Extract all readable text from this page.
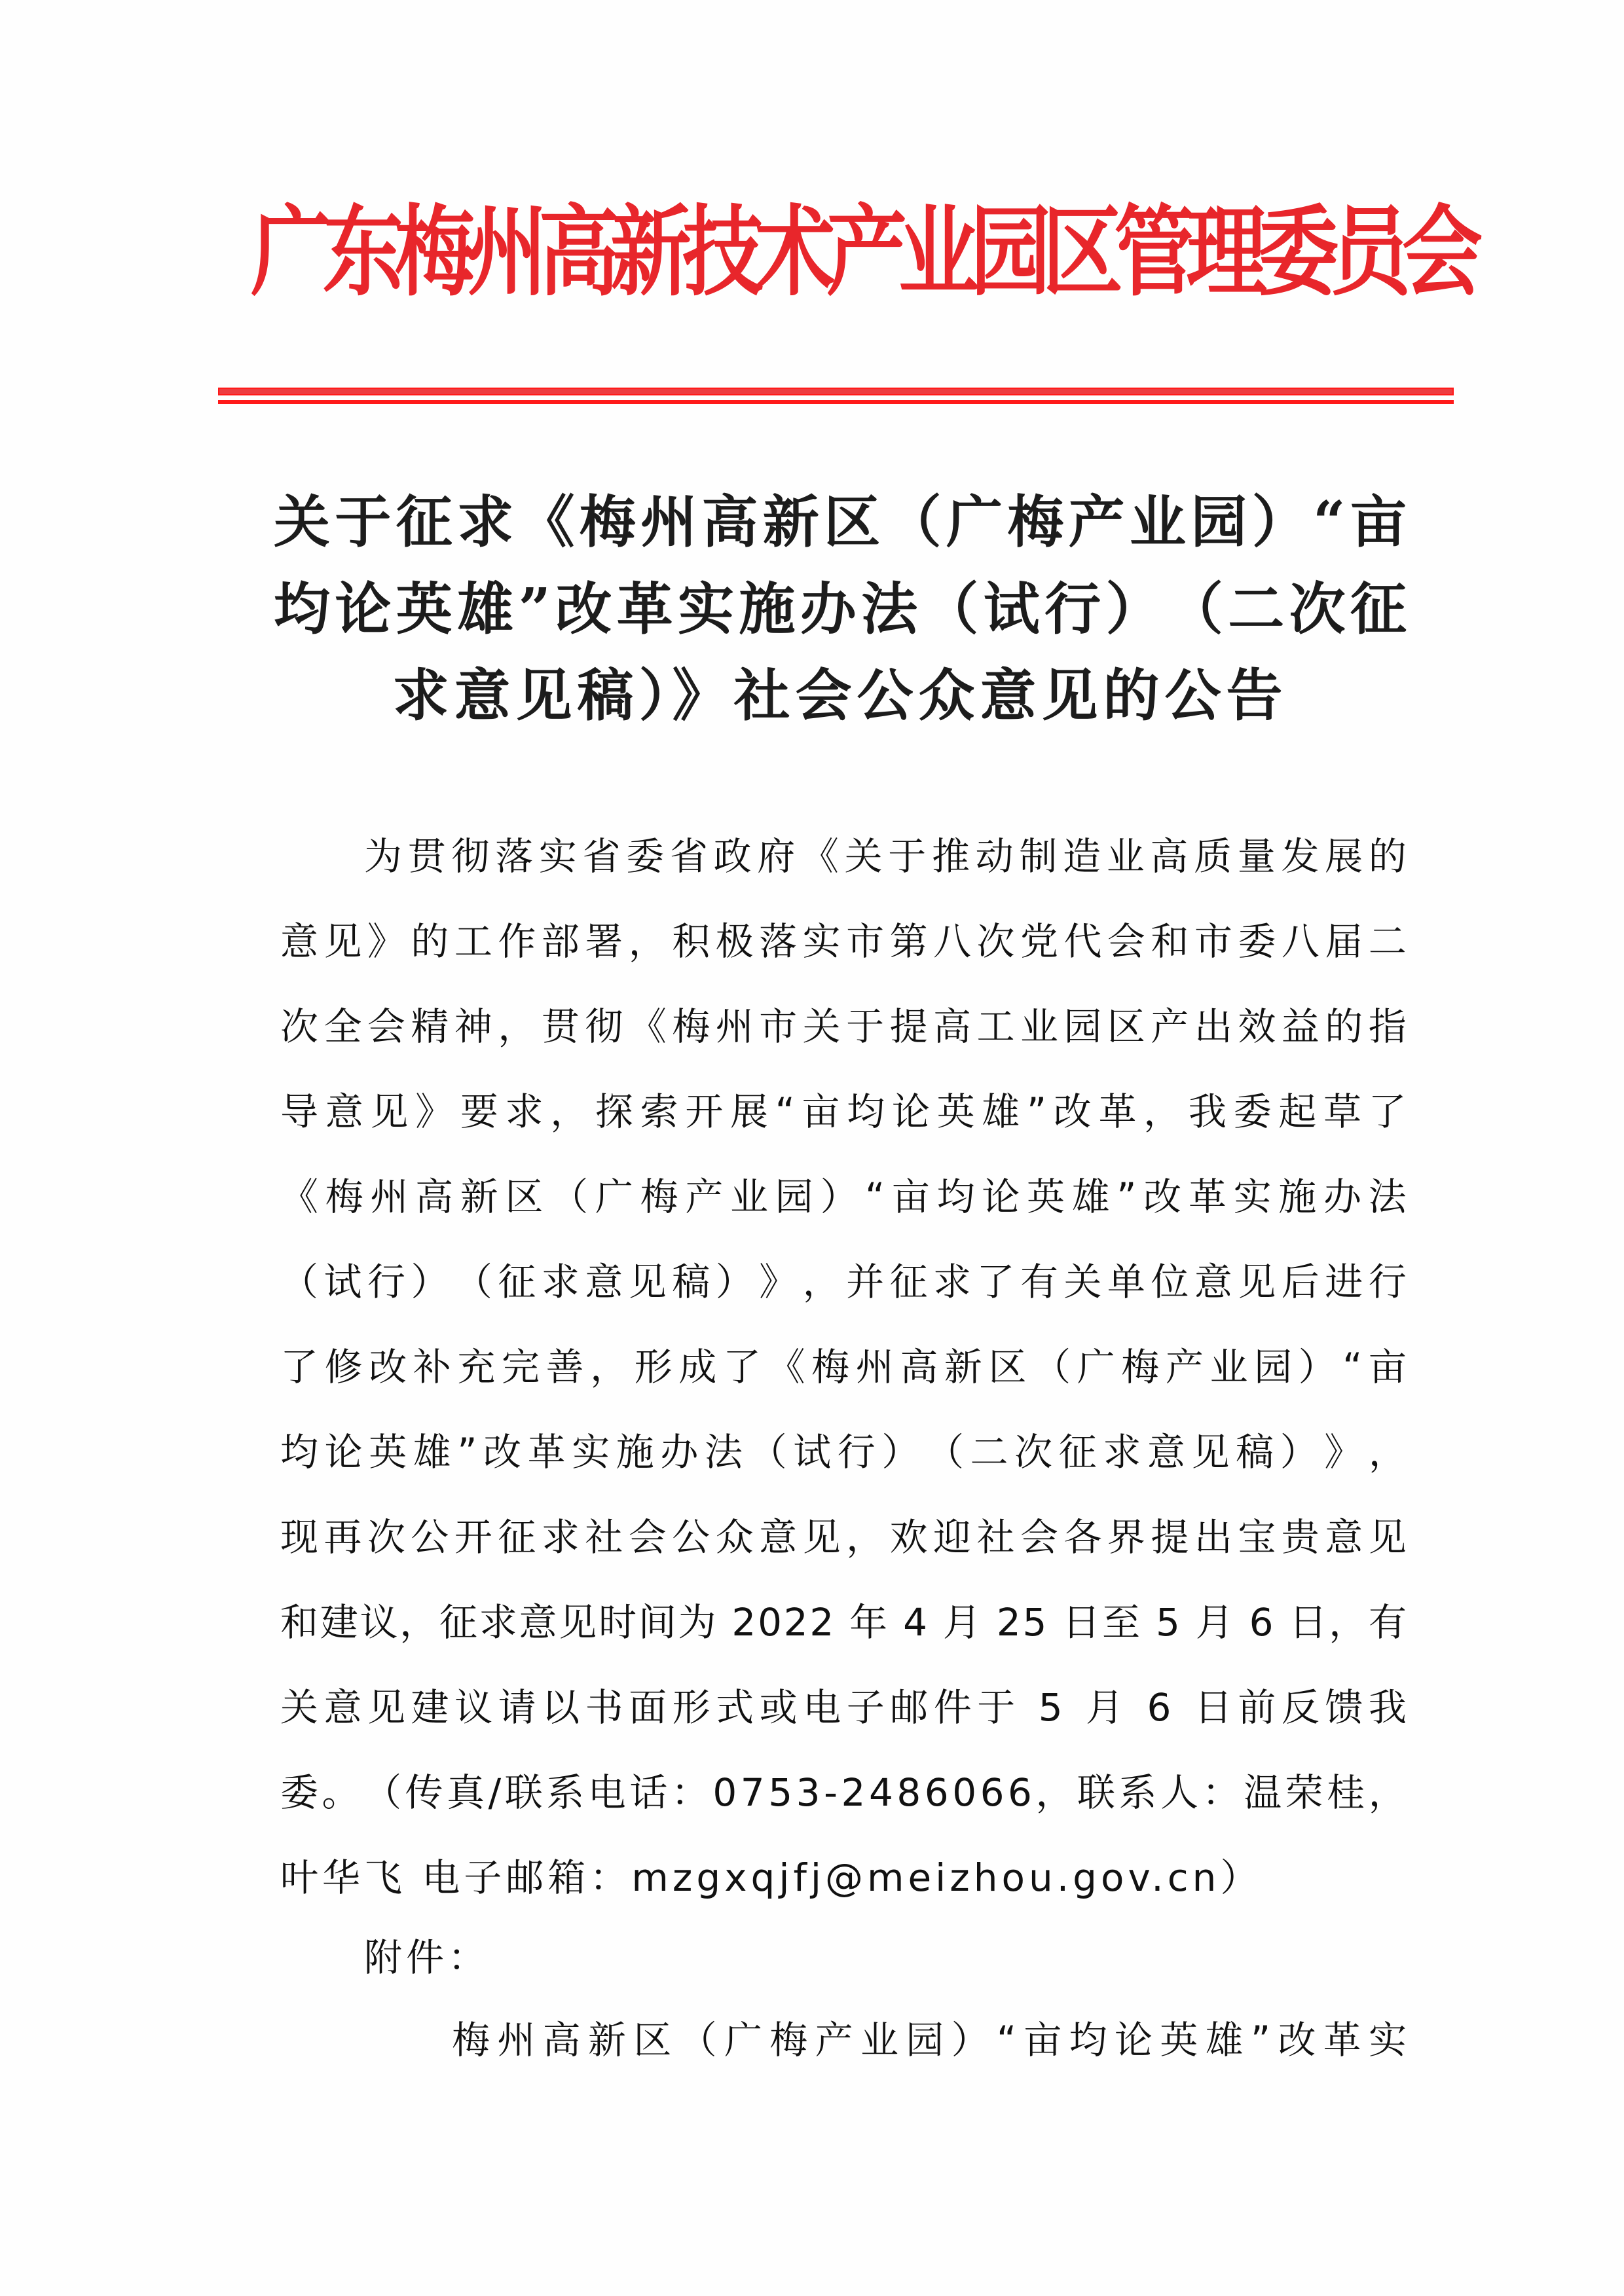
广东梅州高新技术产业园区管理委员会
关 于 征 求 《 梅 州 高 新 区 （ 广 梅 产 业 园 ） “ 亩
均 论 英 雄 ” 改 革 实 施 办 法 （ 试 行 ） （ 二 次 征
求意见稿）》社会公众意见的公告
为 贯 彻 落 实 省 委 省 政 府 《 关 于 推 动 制 造 业 高 质 量 发 展 的
意 见 》 的 工 作 部 署 ， 积 极 落 实 市 第 八 次 党 代 会 和 市 委 八 届 二
次 全 会 精 神 ， 贯 彻 《 梅 州 市 关 于 提 高 工 业 园 区 产 出 效 益 的 指
导 意 见 》 要 求 ， 探 索 开 展 “ 亩 均 论 英 雄 ” 改 革 ， 我 委 起 草 了
《 梅 州 高 新 区 （ 广 梅 产 业 园 ） “ 亩 均 论 英 雄 ” 改 革 实 施 办 法
（ 试 行 ） （ 征 求 意 见 稿 ） 》 ， 并 征 求 了 有 关 单 位 意 见 后 进 行
了 修 改 补 充 完 善 ， 形 成 了 《 梅 州 高 新 区 （ 广 梅 产 业 园 ） “ 亩
均 论 英 雄 ” 改 革 实 施 办 法 （ 试 行 ） （ 二 次 征 求 意 见 稿 ） 》 ，
现 再 次 公 开 征 求 社 会 公 众 意 见 ， 欢 迎 社 会 各 界 提 出 宝 贵 意 见
和 建 议 ， 征 求 意 见 时 间 为
2 0 2 2
年
4
月
2 5
日 至
5
月
6
日 ， 有
关 意 见 建 议 请 以 书 面 形 式 或 电 子 邮 件 于
5
月
6
日 前 反 馈 我
委 。 （ 传 真 / 联 系 电 话 ： 0 7 5 3 - 2 4 8 6 0 6 6 ， 联 系 人 ： 温 荣 桂 ，
叶华飞 电子邮箱：mzgxqjfj@meizhou.gov.cn）
附件：
梅 州 高 新 区 （ 广 梅 产 业 园 ） “ 亩 均 论 英 雄 ” 改 革 实
